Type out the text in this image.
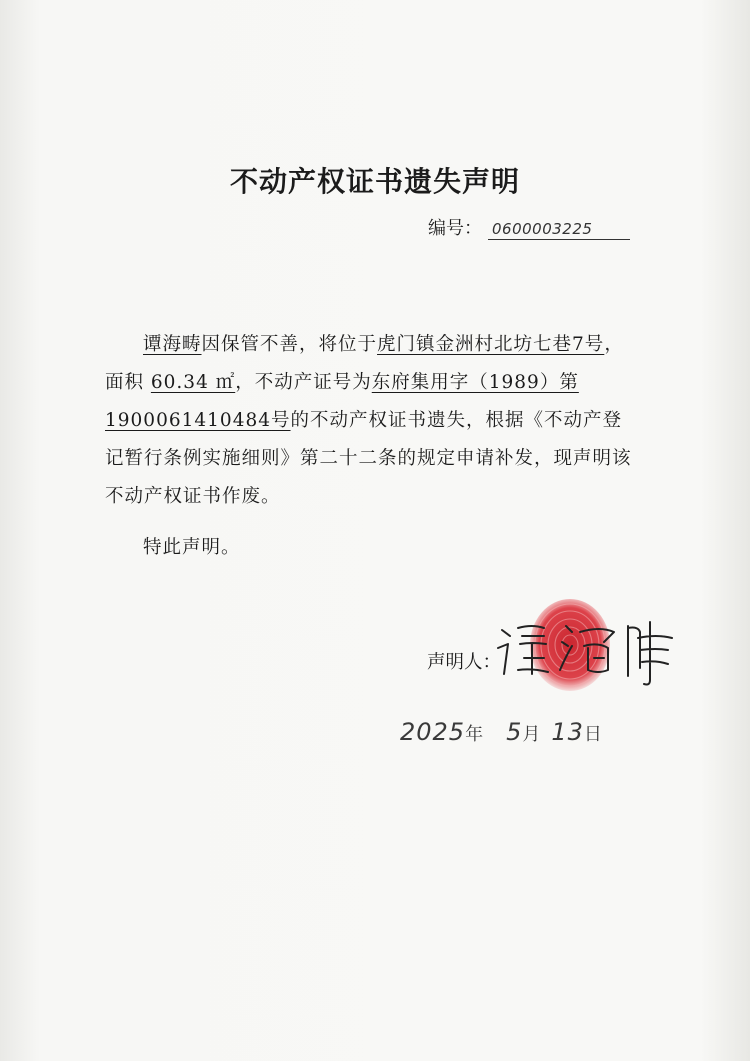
不动产权证书遗失声明
编号： 0600003225

谭海畴因保管不善，将位于虎门镇金洲村北坊七巷7号，面积 60.34 ㎡，不动产证号为东府集用字（1989）第1900061410484号的不动产权证书遗失，根据《不动产登记暂行条例实施细则》第二十二条的规定申请补发，现声明该不动产权证书作废。

特此声明。
声明人：
2025年 5月 13日
